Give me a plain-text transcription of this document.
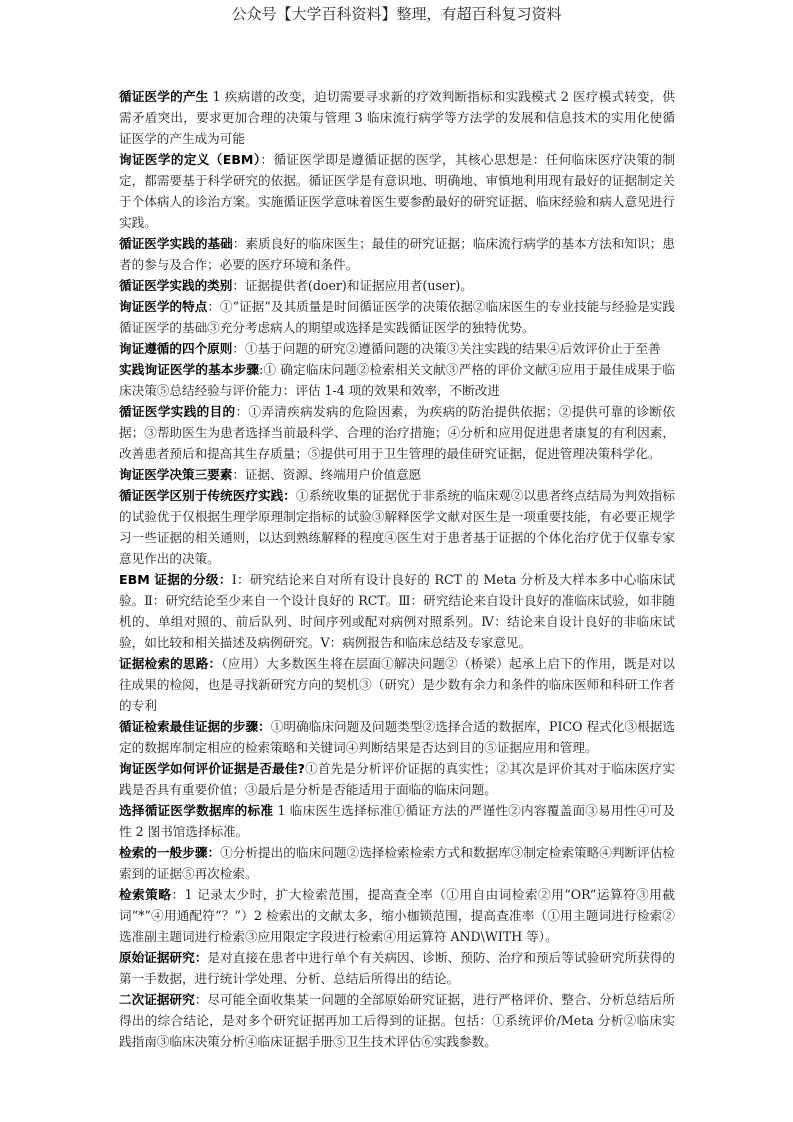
公众号【大学百科资料】整理，有超百科复习资料

循证医学的产生 1 疾病谱的改变，迫切需要寻求新的疗效判断指标和实践模式 2 医疗模式转变，供需矛盾突出，要求更加合理的决策与管理 3 临床流行病学等方法学的发展和信息技术的实用化使循证医学的产生成为可能

询证医学的定义（EBM）：循证医学即是遵循证据的医学，其核心思想是：任何临床医疗决策的制定，都需要基于科学研究的依据。循证医学是有意识地、明确地、审慎地利用现有最好的证据制定关于个体病人的诊治方案。实施循证医学意味着医生要参酌最好的研究证据、临床经验和病人意见进行实践。

循证医学实践的基础：素质良好的临床医生；最佳的研究证据；临床流行病学的基本方法和知识；患者的参与及合作；必要的医疗环境和条件。

循证医学实践的类别：证据提供者(doer)和证据应用者(user)。

询证医学的特点：①“证据”及其质量是时间循证医学的决策依据②临床医生的专业技能与经验是实践循证医学的基础③充分考虑病人的期望或选择是实践循证医学的独特优势。

询证遵循的四个原则：①基于问题的研究②遵循问题的决策③关注实践的结果④后效评价止于至善

实践询证医学的基本步骤:① 确定临床问题②检索相关文献③严格的评价文献④应用于最佳成果于临床决策⑤总结经验与评价能力：评估 1-4 项的效果和效率，不断改进

循证医学实践的目的：①弄清疾病发病的危险因素，为疾病的防治提供依据；②提供可靠的诊断依据；③帮助医生为患者选择当前最科学、合理的治疗措施；④分析和应用促进患者康复的有利因素，改善患者预后和提高其生存质量；⑤提供可用于卫生管理的最佳研究证据，促进管理决策科学化。

询证医学决策三要素：证据、资源、终端用户价值意愿

循证医学区别于传统医疗实践：①系统收集的证据优于非系统的临床观②以患者终点结局为判效指标的试验优于仅根据生理学原理制定指标的试验③解释医学文献对医生是一项重要技能，有必要正规学习一些证据的相关通则，以达到熟练解释的程度④医生对于患者基于证据的个体化治疗优于仅靠专家意见作出的决策。

EBM 证据的分级：I：研究结论来自对所有设计良好的 RCT 的 Meta 分析及大样本多中心临床试验。Ⅱ：研究结论至少来自一个设计良好的 RCT。Ⅲ：研究结论来自设计良好的准临床试验，如非随机的、单组对照的、前后队列、时间序列或配对病例对照系列。Ⅳ：结论来自设计良好的非临床试验，如比较和相关描述及病例研究。Ⅴ：病例报告和临床总结及专家意见。

证据检索的思路：（应用）大多数医生将在层面①解决问题②（桥梁）起承上启下的作用，既是对以往成果的检阅，也是寻找新研究方向的契机③（研究）是少数有余力和条件的临床医师和科研工作者的专利

循证检索最佳证据的步骤：①明确临床问题及问题类型②选择合适的数据库，PICO 程式化③根据选定的数据库制定相应的检索策略和关键词④判断结果是否达到目的⑤证据应用和管理。

询证医学如何评价证据是否最佳?①首先是分析评价证据的真实性；②其次是评价其对于临床医疗实践是否具有重要价值；③最后是分析是否能适用于面临的临床问题。

选择循证医学数据库的标准 1 临床医生选择标准①循证方法的严谨性②内容覆盖面③易用性④可及性 2 图书馆选择标准。

检索的一般步骤：①分析提出的临床问题②选择检索检索方式和数据库③制定检索策略④判断评估检索到的证据⑤再次检索。

检索策略：1 记录太少时，扩大检索范围，提高查全率（①用自由词检索②用“OR”运算符③用截词“*”④用通配符“？”）2 检索出的文献太多，缩小枷锁范围，提高查准率（①用主题词进行检索②选准副主题词进行检索③应用限定字段进行检索④用运算符 AND\WITH 等）。

原始证据研究：是对直接在患者中进行单个有关病因、诊断、预防、治疗和预后等试验研究所获得的第一手数据，进行统计学处理、分析、总结后所得出的结论。

二次证据研究：尽可能全面收集某一问题的全部原始研究证据，进行严格评价、整合、分析总结后所得出的综合结论，是对多个研究证据再加工后得到的证据。包括：①系统评价/Meta 分析②临床实践指南③临床决策分析④临床证据手册⑤卫生技术评估⑥实践参数。
